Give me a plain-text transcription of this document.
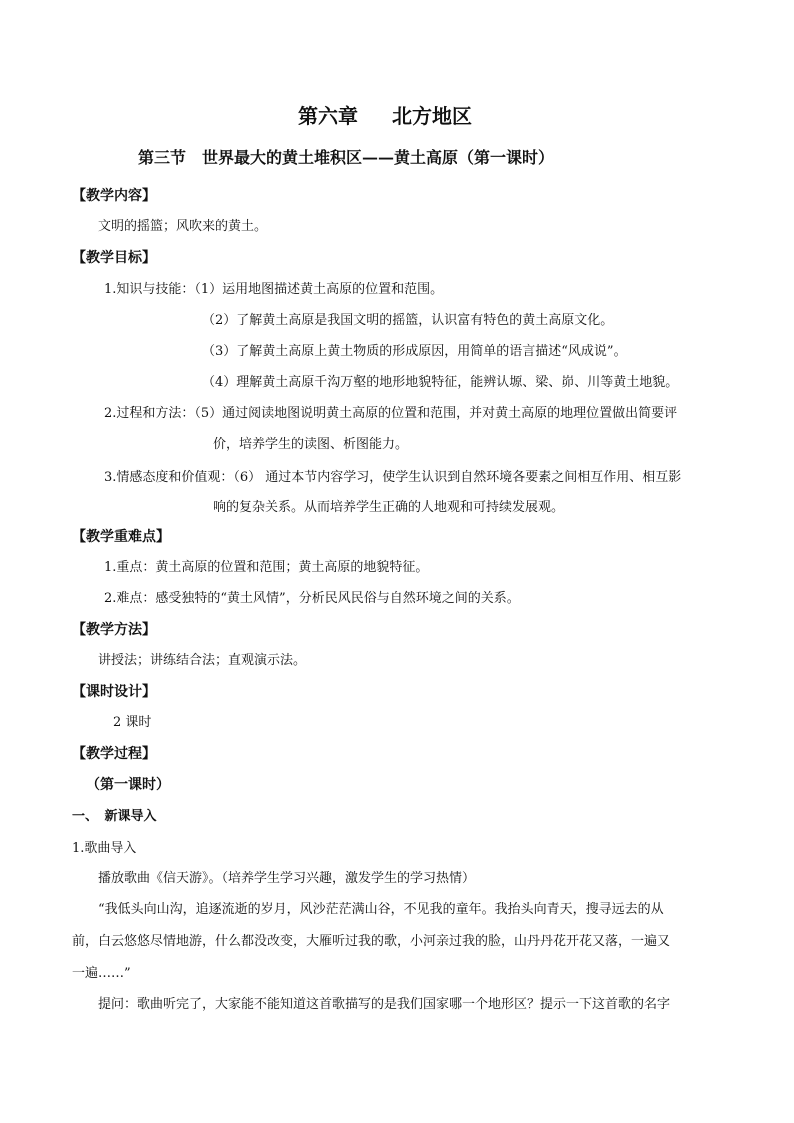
第六章 北方地区
第三节　世界最大的黄土堆积区——黄土高原（第一课时）
【教学内容】
文明的摇篮；风吹来的黄土。
【教学目标】
1.知识与技能：（1）运用地图描述黄土高原的位置和范围。
（2）了解黄土高原是我国文明的摇篮，认识富有特色的黄土高原文化。
（3）了解黄土高原上黄土物质的形成原因，用简单的语言描述“风成说”。
（4）理解黄土高原千沟万壑的地形地貌特征，能辨认塬、梁、峁、川等黄土地貌。
2.过程和方法：（5）通过阅读地图说明黄土高原的位置和范围，并对黄土高原的地理位置做出简要评
价，培养学生的读图、析图能力。
3.情感态度和价值观：（6） 通过本节内容学习，使学生认识到自然环境各要素之间相互作用、相互影
响的复杂关系。从而培养学生正确的人地观和可持续发展观。
【教学重难点】
1.重点：黄土高原的位置和范围；黄土高原的地貌特征。
2.难点：感受独特的“黄土风情”，分析民风民俗与自然环境之间的关系。
【教学方法】
讲授法；讲练结合法；直观演示法。
【课时设计】
2 课时
【教学过程】
（第一课时）
一、　新课导入
1.歌曲导入
播放歌曲《信天游》。（培养学生学习兴趣，激发学生的学习热情）
“我低头向山沟，追逐流逝的岁月，风沙茫茫满山谷，不见我的童年。我抬头向青天，搜寻远去的从
前，白云悠悠尽情地游，什么都没改变，大雁听过我的歌，小河亲过我的脸，山丹丹花开花又落，一遍又
一遍……”
提问：歌曲听完了，大家能不能知道这首歌描写的是我们国家哪一个地形区？提示一下这首歌的名字
